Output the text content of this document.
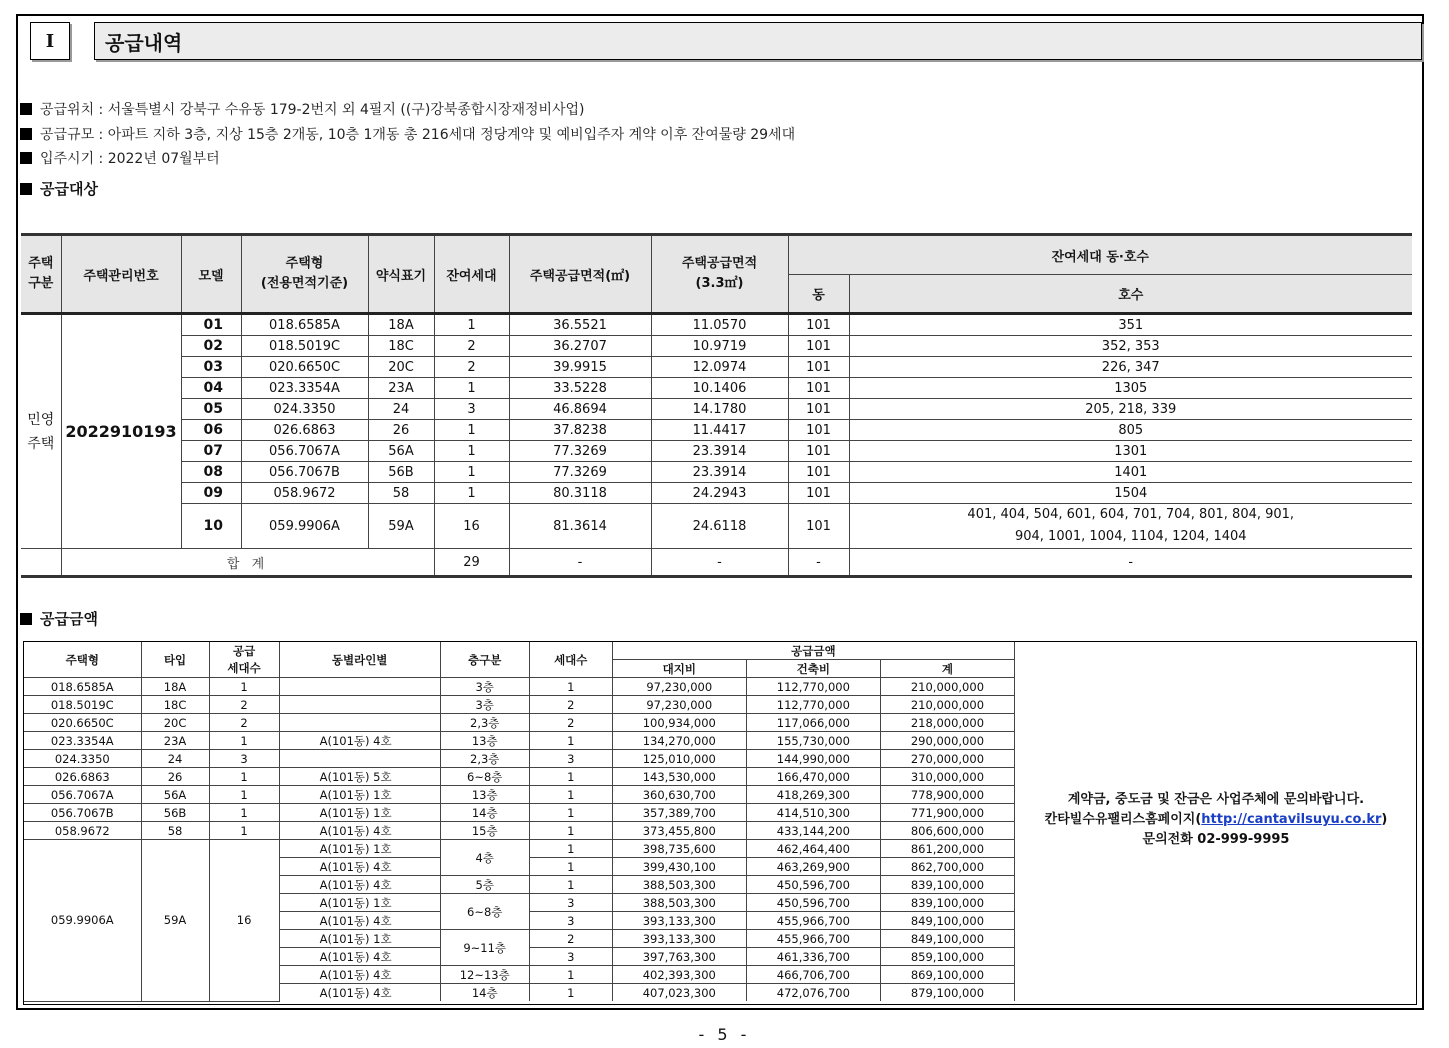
I	공급내역
공급위치 : 서울특별시 강북구 수유동 179-2번지 외 4필지 ((구)강북종합시장재정비사업)
공급규모 : 아파트 지하 3층, 지상 15층 2개동, 10층 1개동 총 216세대 정당계약 및 예비입주자 계약 이후 잔여물량 29세대
입주시기 : 2022년 07월부터
공급대상
주택
구분	주택관리번호	모델	주택형
(전용면적기준)	약식표기	잔여세대	주택공급면적(㎡)	주택공급면적
(3.3㎡)	잔여세대 동·호수	
								동	호수
민영
주택	2022910193	01	018.6585A	18A	1	36.5521	11.0570	101	351
		02	018.5019C	18C	2	36.2707	10.9719	101	352, 353
		03	020.6650C	20C	2	39.9915	12.0974	101	226, 347
		04	023.3354A	23A	1	33.5228	10.1406	101	1305
		05	024.3350	24	3	46.8694	14.1780	101	205, 218, 339
		06	026.6863	26	1	37.8238	11.4417	101	805
		07	056.7067A	56A	1	77.3269	23.3914	101	1301
		08	056.7067B	56B	1	77.3269	23.3914	101	1401
		09	058.9672	58	1	80.3118	24.2943	101	1504
		10	059.9906A	59A	16	81.3614	24.6118	101	401, 404, 504, 601, 604, 701, 704, 801, 804, 901,
904, 1001, 1004, 1104, 1204, 1404

	합 계				29	-	-	-	-
공급금액
주택형	타입	공급
세대수	동별라인별	층구분	세대수	공급금액		
						대지비	건축비	계
018.6585A	18A	1		3층	1	97,230,000	112,770,000	210,000,000
018.5019C	18C	2		3층	2	97,230,000	112,770,000	210,000,000
020.6650C	20C	2		2,3층	2	100,934,000	117,066,000	218,000,000
023.3354A	23A	1	A(101동) 4호	13층	1	134,270,000	155,730,000	290,000,000
024.3350	24	3		2,3층	3	125,010,000	144,990,000	270,000,000
026.6863	26	1	A(101동) 5호	6~8층	1	143,530,000	166,470,000	310,000,000
056.7067A	56A	1	A(101동) 1호	13층	1	360,630,700	418,269,300	778,900,000
056.7067B	56B	1	A(101동) 1호	14층	1	357,389,700	414,510,300	771,900,000
058.9672	58	1	A(101동) 4호	15층	1	373,455,800	433,144,200	806,600,000
059.9906A	59A	16	A(101동) 1호	4층	1	398,735,600	462,464,400	861,200,000
			A(101동) 4호		1	399,430,100	463,269,900	862,700,000
			A(101동) 4호	5층	1	388,503,300	450,596,700	839,100,000
			A(101동) 1호	6~8층	3	388,503,300	450,596,700	839,100,000
			A(101동) 4호		3	393,133,300	455,966,700	849,100,000
			A(101동) 1호	9~11층	2	393,133,300	455,966,700	849,100,000
			A(101동) 4호		3	397,763,300	461,336,700	859,100,000
			A(101동) 4호	12~13층	1	402,393,300	466,706,700	869,100,000
			A(101동) 4호	14층	1	407,023,300	472,076,700	879,100,000
계약금, 중도금 및 잔금은 사업주체에 문의바랍니다.
칸타빌수유팰리스홈페이지(http://cantavilsuyu.co.kr)
문의전화 02-999-9995
- 5 -
